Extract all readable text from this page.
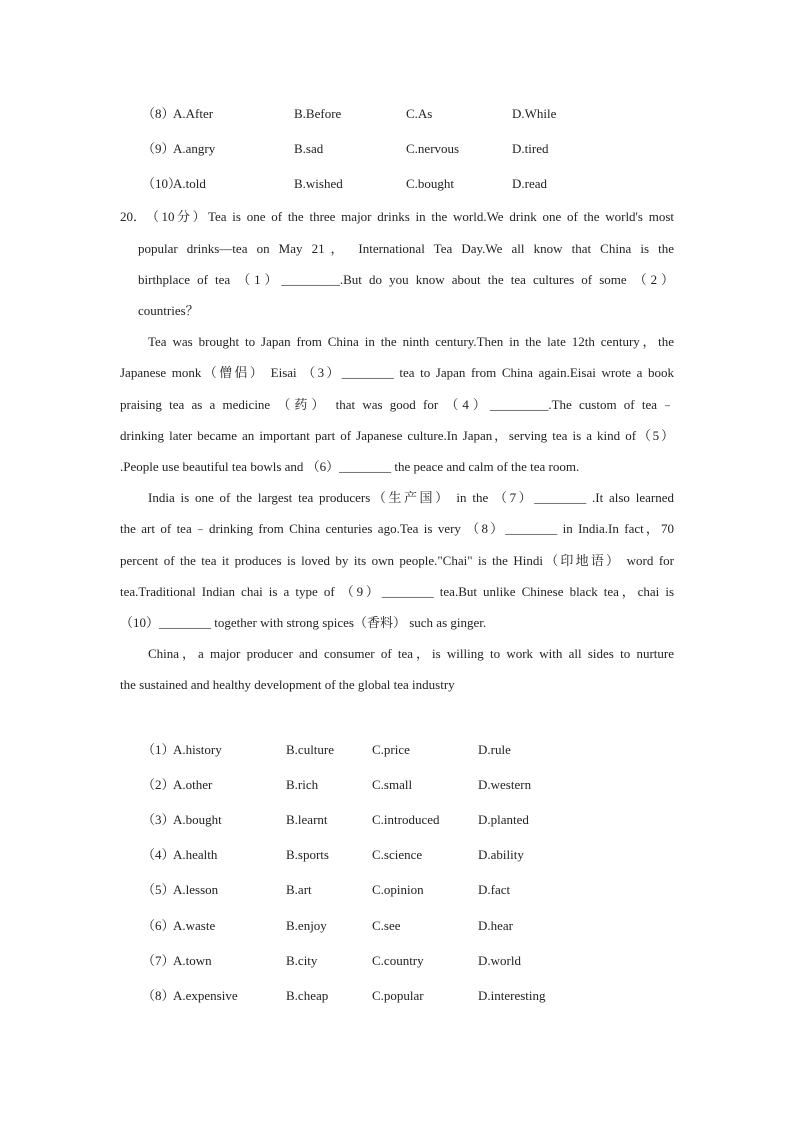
（8）
A.After	B.Before	C.As	D.While
（9）
A.angry	B.sad	C.nervous	D.tired
（10）
A.told	B.wished	C.bought	D.read
20． （10分）Tea is one of the three major drinks in the world.We drink one of the world's most
popular drinks—tea on May 21， International Tea Day.We all know that China is the
birthplace of tea （1）_________.But do you know about the tea cultures of some （2）
countries？
Tea was brought to Japan from China in the ninth century.Then in the late 12th century，the
Japanese monk（僧侣） Eisai （3）________ tea to Japan from China again.Eisai wrote a book
praising tea as a medicine （药） that was good for （4）_________.The custom of tea﹣
drinking later became an important part of Japanese culture.In Japan，serving tea is a kind of（5）
.People use beautiful tea bowls and （6）________ the peace and calm of the tea room.
India is one of the largest tea producers（生产国） in the （7）________ .It also learned
the art of tea﹣drinking from China centuries ago.Tea is very （8）________ in India.In fact，70
percent of the tea it produces is loved by its own people."Chai" is the Hindi（印地语） word for
tea.Traditional Indian chai is a type of （9）________ tea.But unlike Chinese black tea，chai is
（10）________ together with strong spices（香料） such as ginger.
China，a major producer and consumer of tea，is willing to work with all sides to nurture
the sustained and healthy development of the global tea industry
（1）
A.history	B.culture	C.price	D.rule
（2）
A.other	B.rich	C.small	D.western
（3）
A.bought	B.learnt	C.introduced	D.planted
（4）
A.health	B.sports	C.science	D.ability
（5）
A.lesson	B.art	C.opinion	D.fact
（6）
A.waste	B.enjoy	C.see	D.hear
（7）
A.town	B.city	C.country	D.world
（8）
A.expensive	B.cheap	C.popular	D.interesting
